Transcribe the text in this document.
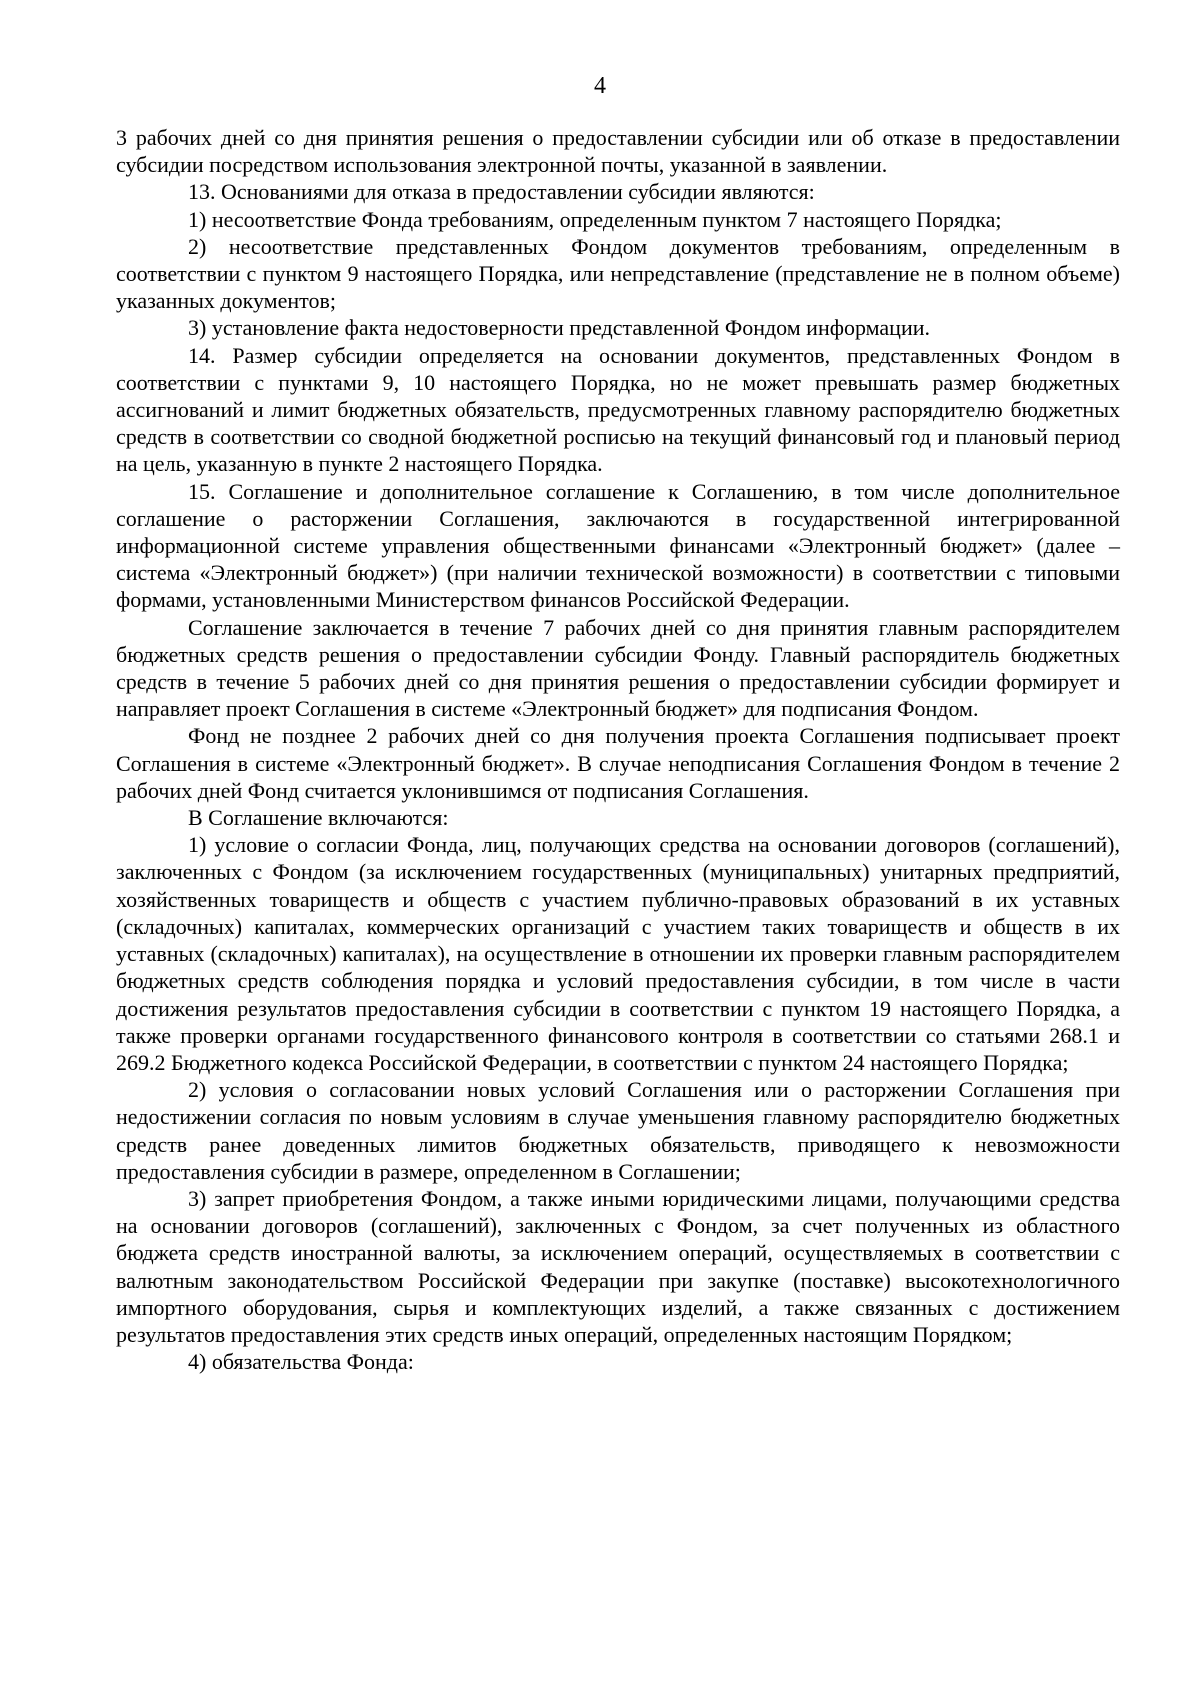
4

3 рабочих дней со дня принятия решения о предоставлении субсидии или об отказе в предоставлении субсидии посредством использования электронной почты, указанной в заявлении.

13. Основаниями для отказа в предоставлении субсидии являются:

1) несоответствие Фонда требованиям, определенным пунктом 7 настоящего Порядка;

2) несоответствие представленных Фондом документов требованиям, определенным в соответствии с пунктом 9 настоящего Порядка, или непредставление (представление не в полном объеме) указанных документов;

3) установление факта недостоверности представленной Фондом информации.

14. Размер субсидии определяется на основании документов, представленных Фондом в соответствии с пунктами 9, 10 настоящего Порядка, но не может превышать размер бюджетных ассигнований и лимит бюджетных обязательств, предусмотренных главному распорядителю бюджетных средств в соответствии со сводной бюджетной росписью на текущий финансовый год и плановый период на цель, указанную в пункте 2 настоящего Порядка.

15. Соглашение и дополнительное соглашение к Соглашению, в том числе дополнительное соглашение о расторжении Соглашения, заключаются в государственной интегрированной информационной системе управления общественными финансами «Электронный бюджет» (далее – система «Электронный бюджет») (при наличии технической возможности) в соответствии с типовыми формами, установленными Министерством финансов Российской Федерации.

Соглашение заключается в течение 7 рабочих дней со дня принятия главным распорядителем бюджетных средств решения о предоставлении субсидии Фонду. Главный распорядитель бюджетных средств в течение 5 рабочих дней со дня принятия решения о предоставлении субсидии формирует и направляет проект Соглашения в системе «Электронный бюджет» для подписания Фондом.

Фонд не позднее 2 рабочих дней со дня получения проекта Соглашения подписывает проект Соглашения в системе «Электронный бюджет». В случае неподписания Соглашения Фондом в течение 2 рабочих дней Фонд считается уклонившимся от подписания Соглашения.

В Соглашение включаются:

1) условие о согласии Фонда, лиц, получающих средства на основании договоров (соглашений), заключенных с Фондом (за исключением государственных (муниципальных) унитарных предприятий, хозяйственных товариществ и обществ с участием публично-правовых образований в их уставных (складочных) капиталах, коммерческих организаций с участием таких товариществ и обществ в их уставных (складочных) капиталах), на осуществление в отношении их проверки главным распорядителем бюджетных средств соблюдения порядка и условий предоставления субсидии, в том числе в части достижения результатов предоставления субсидии в соответствии с пунктом 19 настоящего Порядка, а также проверки органами государственного финансового контроля в соответствии со статьями 268.1 и 269.2 Бюджетного кодекса Российской Федерации, в соответствии с пунктом 24 настоящего Порядка;

2) условия о согласовании новых условий Соглашения или о расторжении Соглашения при недостижении согласия по новым условиям в случае уменьшения главному распорядителю бюджетных средств ранее доведенных лимитов бюджетных обязательств, приводящего к невозможности предоставления субсидии в размере, определенном в Соглашении;

3) запрет приобретения Фондом, а также иными юридическими лицами, получающими средства на основании договоров (соглашений), заключенных с Фондом, за счет полученных из областного бюджета средств иностранной валюты, за исключением операций, осуществляемых в соответствии с валютным законодательством Российской Федерации при закупке (поставке) высокотехнологичного импортного оборудования, сырья и комплектующих изделий, а также связанных с достижением результатов предоставления этих средств иных операций, определенных настоящим Порядком;

4) обязательства Фонда:
